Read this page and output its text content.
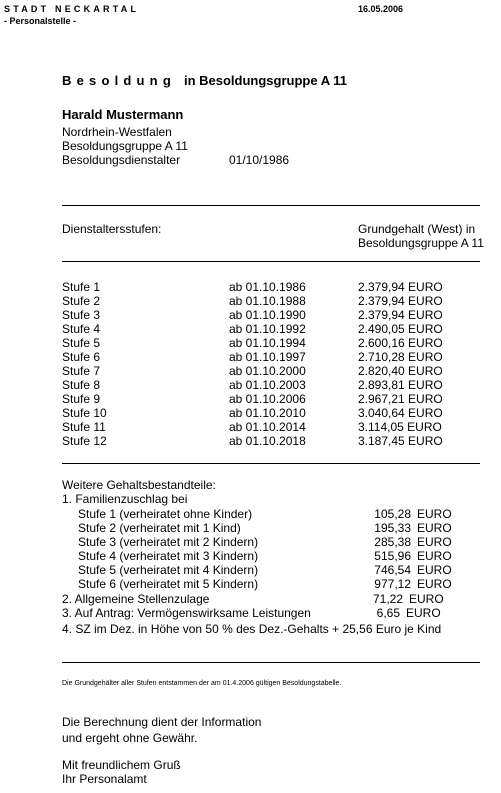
STADT NECKARTAL
- Personalstelle -
16.05.2006
Besoldung in Besoldungsgruppe A 11
Harald Mustermann
Nordrhein-Westfalen
Besoldungsgruppe A 11
Besoldungsdienstalter	01/10/1986
Dienstaltersstufen:	Grundgehalt (West) in
Besoldungsgruppe A 11
Stufe 1	ab 01.10.1986	2.379,94 EURO
Stufe 2	ab 01.10.1988	2.379,94 EURO
Stufe 3	ab 01.10.1990	2.379,94 EURO
Stufe 4	ab 01.10.1992	2.490,05 EURO
Stufe 5	ab 01.10.1994	2.600,16 EURO
Stufe 6	ab 01.10.1997	2.710,28 EURO
Stufe 7	ab 01.10.2000	2.820,40 EURO
Stufe 8	ab 01.10.2003	2.893,81 EURO
Stufe 9	ab 01.10.2006	2.967,21 EURO
Stufe 10	ab 01.10.2010	3.040,64 EURO
Stufe 11	ab 01.10.2014	3.114,05 EURO
Stufe 12	ab 01.10.2018	3.187,45 EURO
Weitere Gehaltsbestandteile:
1. Familienzuschlag bei
Stufe 1 (verheiratet ohne Kinder)	105,28 EURO
Stufe 2 (verheiratet mit 1 Kind)	195,33 EURO
Stufe 3 (verheiratet mit 2 Kindern)	285,38 EURO
Stufe 4 (verheiratet mit 3 Kindern)	515,96 EURO
Stufe 5 (verheiratet mit 4 Kindern)	746,54 EURO
Stufe 6 (verheiratet mit 5 Kindern)	977,12 EURO
2. Allgemeine Stellenzulage	71,22 EURO
3. Auf Antrag: Vermögenswirksame Leistungen	6,65 EURO
4. SZ im Dez. in Höhe von 50 % des Dez.-Gehalts + 25,56 Euro je Kind
Die Grundgehälter aller Stufen entstammen der am 01.4.2006 gültigen Besoldungstabelle.
Die Berechnung dient der Information
und ergeht ohne Gewähr.
Mit freundlichem Gruß
Ihr Personalamt
